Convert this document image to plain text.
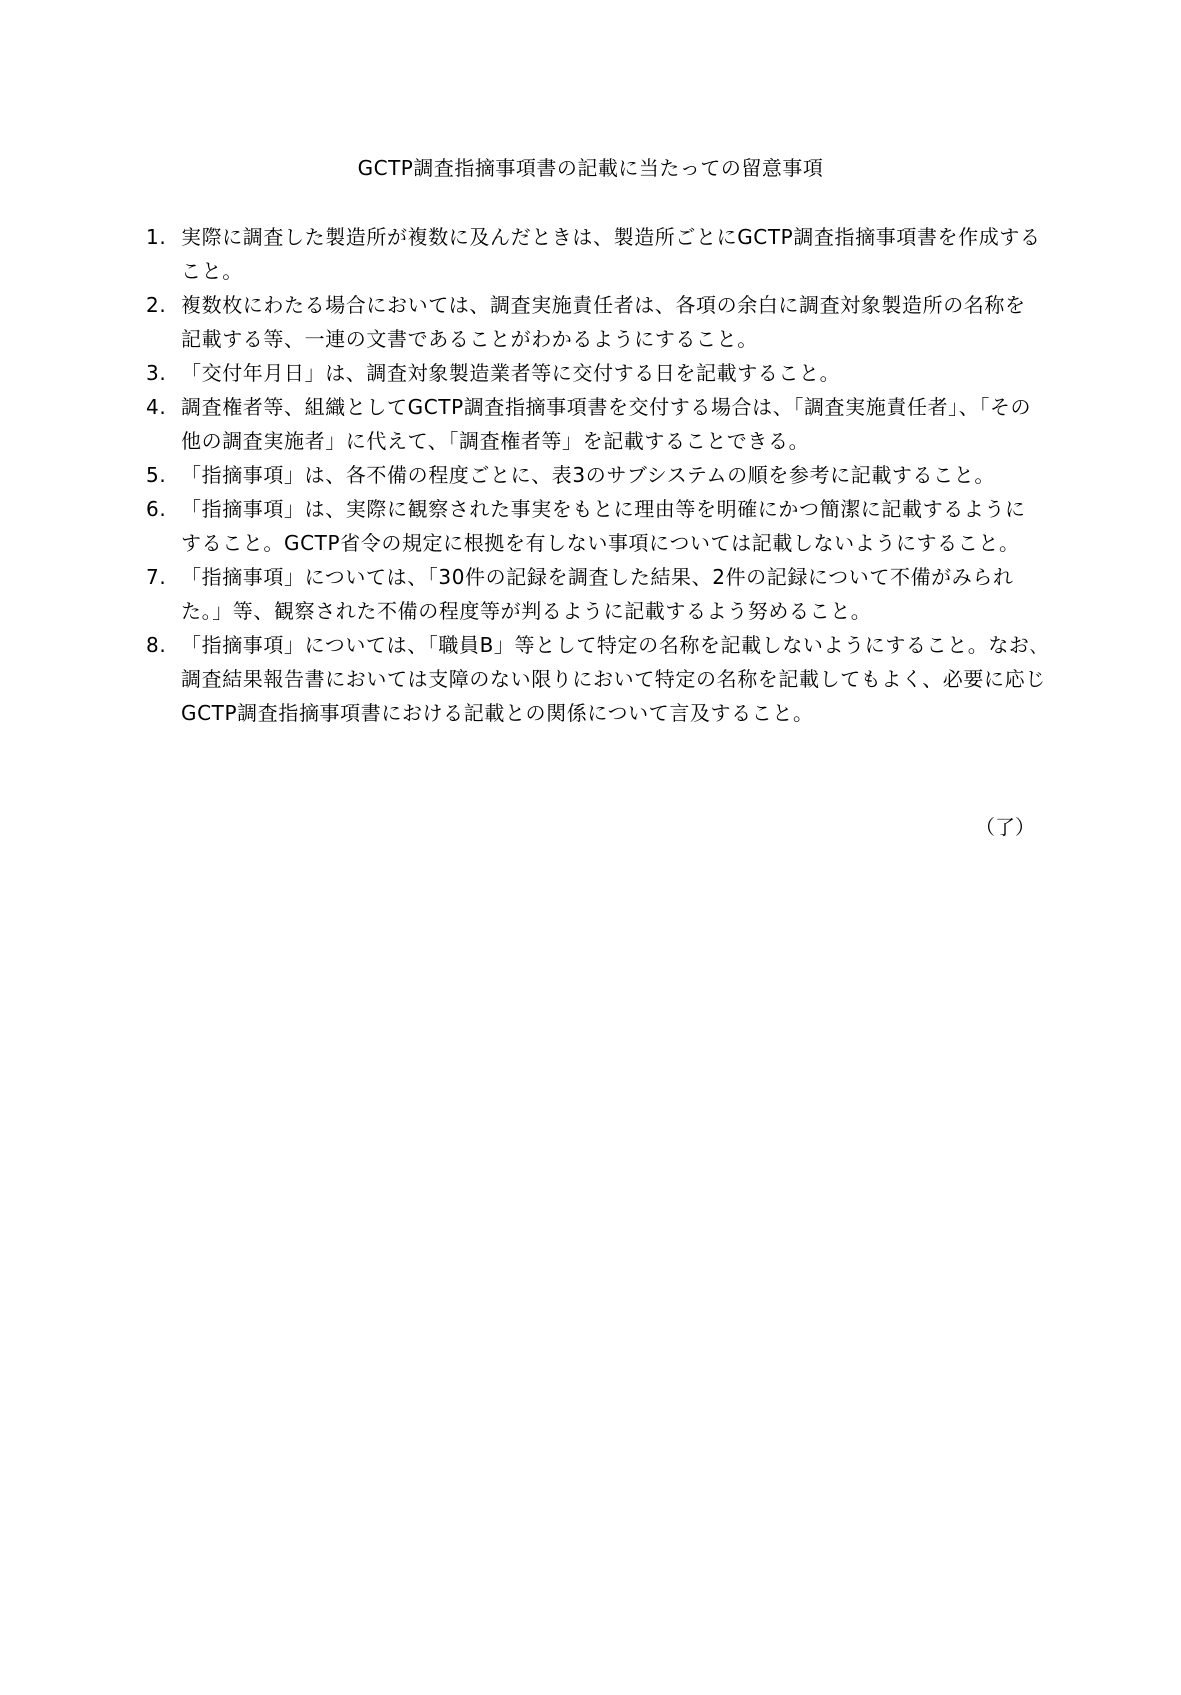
GCTP調査指摘事項書の記載に当たっての留意事項
1. 実際に調査した製造所が複数に及んだときは、製造所ごとにGCTP調査指摘事項書を作成すること。
2. 複数枚にわたる場合においては、調査実施責任者は、各項の余白に調査対象製造所の名称を記載する等、一連の文書であることがわかるようにすること。
3. 「交付年月日」は、調査対象製造業者等に交付する日を記載すること。
4. 調査権者等、組織としてGCTP調査指摘事項書を交付する場合は、「調査実施責任者」、「その他の調査実施者」に代えて、「調査権者等」を記載することできる。
5. 「指摘事項」は、各不備の程度ごとに、表3のサブシステムの順を参考に記載すること。
6. 「指摘事項」は、実際に観察された事実をもとに理由等を明確にかつ簡潔に記載するようにすること。GCTP省令の規定に根拠を有しない事項については記載しないようにすること。
7. 「指摘事項」については、「30件の記録を調査した結果、2件の記録について不備がみられた。」等、観察された不備の程度等が判るように記載するよう努めること。
8. 「指摘事項」については、「職員B」等として特定の名称を記載しないようにすること。なお､調査結果報告書においては支障のない限りにおいて特定の名称を記載してもよく、必要に応じGCTP調査指摘事項書における記載との関係について言及すること。
（了）
